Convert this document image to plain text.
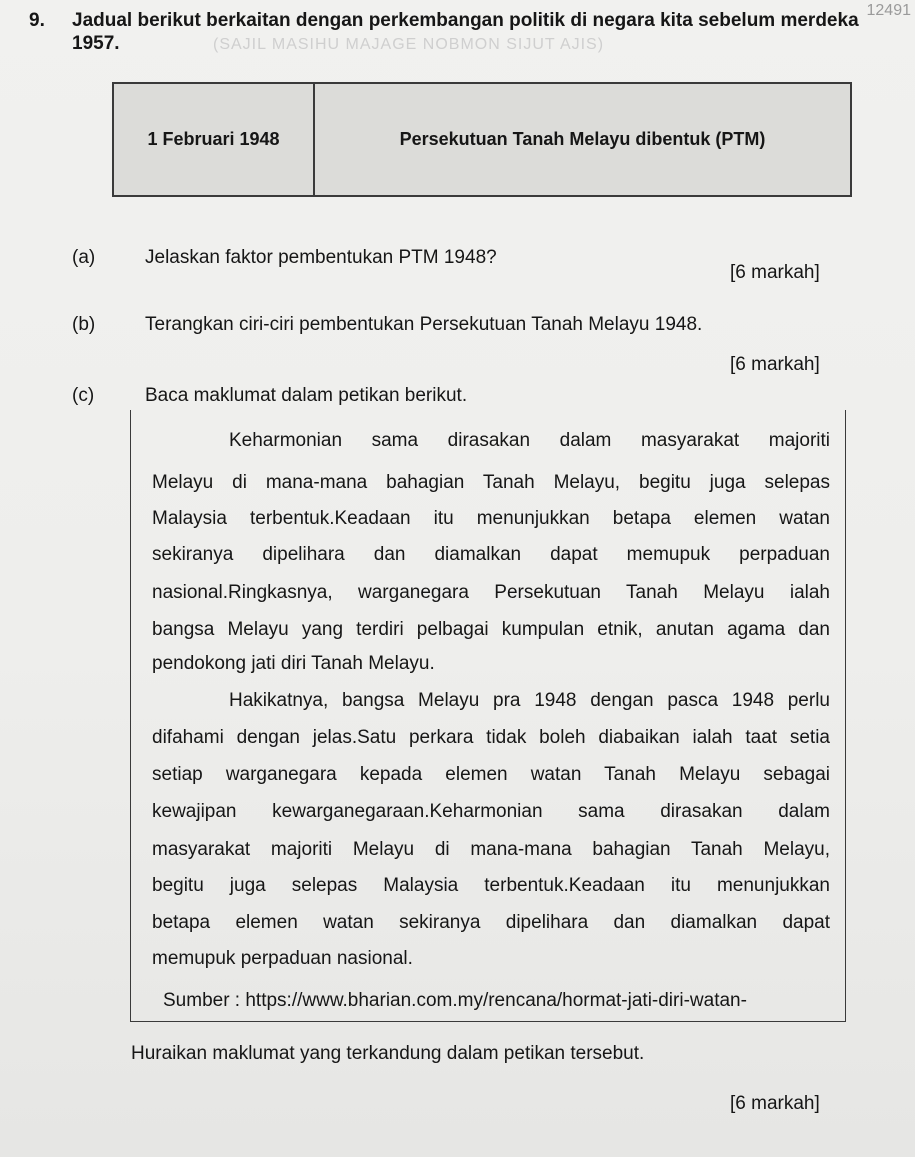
12491
9. Jadual berikut berkaitan dengan perkembangan politik di negara kita sebelum merdeka
1957.	(SAJIL MASIHU MAJAGE NOBMON SIJUT AJIS)
1 Februari 1948	Persekutuan Tanah Melayu dibentuk (PTM)
(a)	Jelaskan faktor pembentukan PTM 1948?
[6 markah]
(b)	Terangkan ciri-ciri pembentukan Persekutuan Tanah Melayu 1948.
[6 markah]
(c)	Baca maklumat dalam petikan berikut.
Keharmonian sama dirasakan dalam masyarakat majoriti
Melayu di mana-mana bahagian Tanah Melayu, begitu juga selepas
Malaysia terbentuk.Keadaan itu menunjukkan betapa elemen watan
sekiranya dipelihara dan diamalkan dapat memupuk perpaduan
nasional.Ringkasnya, warganegara Persekutuan Tanah Melayu ialah
bangsa Melayu yang terdiri pelbagai kumpulan etnik, anutan agama dan
pendokong jati diri Tanah Melayu.
Hakikatnya, bangsa Melayu pra 1948 dengan pasca 1948 perlu
difahami dengan jelas.Satu perkara tidak boleh diabaikan ialah taat setia
setiap warganegara kepada elemen watan Tanah Melayu sebagai
kewajipan kewarganegaraan.Keharmonian sama dirasakan dalam
masyarakat majoriti Melayu di mana-mana bahagian Tanah Melayu,
begitu juga selepas Malaysia terbentuk.Keadaan itu menunjukkan
betapa elemen watan sekiranya dipelihara dan diamalkan dapat
memupuk perpaduan nasional.
Sumber : https://www.bharian.com.my/rencana/hormat-jati-diri-watan-
Huraikan maklumat yang terkandung dalam petikan tersebut.
[6 markah]
